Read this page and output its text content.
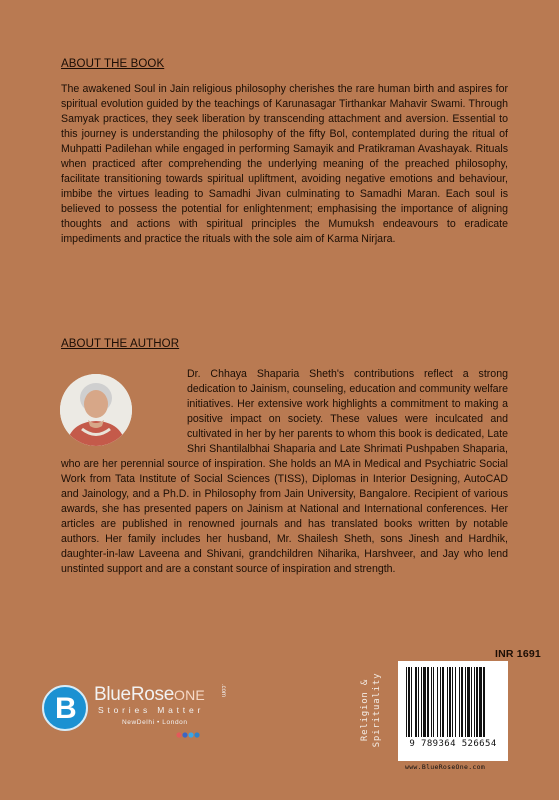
ABOUT THE BOOK
The awakened Soul in Jain religious philosophy cherishes the rare human birth and aspires for spiritual evolution guided by the teachings of Karunasagar Tirthankar Mahavir Swami. Through Samyak practices, they seek liberation by transcending attachment and aversion. Essential to this journey is understanding the philosophy of the fifty Bol, contemplated during the ritual of Muhpatti Padilehan while engaged in performing Samayik and Pratikraman Avashayak. Rituals when practiced after comprehending the underlying meaning of the preached philosophy, facilitate transitioning towards spiritual upliftment, avoiding negative emotions and behaviour, imbibe the virtues leading to Samadhi Jivan culminating to Samadhi Maran. Each soul is believed to possess the potential for enlightenment; emphasising the importance of aligning thoughts and actions with spiritual principles the Mumuksh endeavours to eradicate impediments and practice the rituals with the sole aim of Karma Nirjara.
ABOUT THE AUTHOR
Dr. Chhaya Shaparia Sheth's contributions reflect a strong dedication to Jainism, counseling, education and community welfare initiatives. Her extensive work highlights a commitment to making a positive impact on society. These values were inculcated and cultivated in her by her parents to whom this book is dedicated, Late Shri Shantilalbhai Shaparia and Late Shrimati Pushpaben Shaparia, who are her perennial source of inspiration. She holds an MA in Medical and Psychiatric Social Work from Tata Institute of Social Sciences (TISS), Diplomas in Interior Designing, AutoCAD and Jainology, and a Ph.D. in Philosophy from Jain University, Bangalore. Recipient of various awards, she has presented papers on Jainism at National and International conferences. Her articles are published in renowned journals and has translated books written by notable authors. Her family includes her husband, Mr. Shailesh Sheth, sons Jinesh and Hardhik, daughter-in-law Laveena and Shivani, grandchildren Niharika, Harshveer, and Jay who lend unstinted support and are a constant source of inspiration and strength.
B BlueRoseONE	.com
Stories Matter
NewDelhi • London
INR 1691
Religion & Spirituality	9 789364 526654
www.BlueRoseOne.com
